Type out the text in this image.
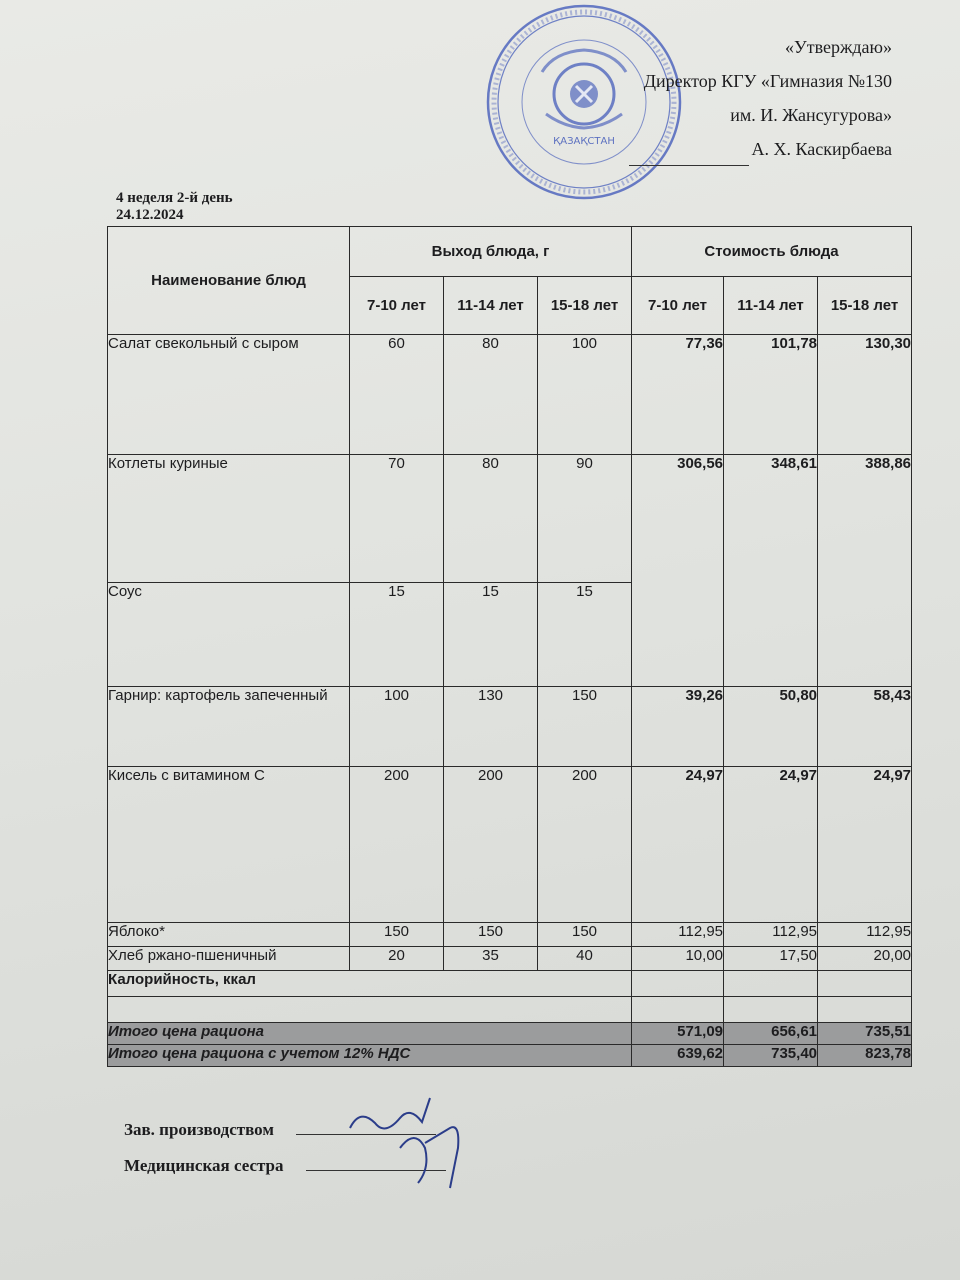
ҚАЗАҚСТАН
«Утверждаю»
Директор КГУ «Гимназия №130
им. И. Жансугурова»
А. Х. Каскирбаева
4 неделя 2-й день
24.12.2024
Наименование блюд	Выход блюда, г			Стоимость блюда		
	7-10 лет	11-14 лет	15-18 лет	7-10 лет	11-14 лет	15-18 лет
Салат свекольный с сыром	60	80	100	77,36	101,78	130,30
Котлеты куриные	70	80	90	306,56	348,61	388,86
Соус	15	15	15			
Гарнир: картофель запеченный	100	130	150	39,26	50,80	58,43
Кисель с витамином С	200	200	200	24,97	24,97	24,97
Яблоко*	150	150	150	112,95	112,95	112,95
Хлеб ржано-пшеничный	20	35	40	10,00	17,50	20,00
Калорийность, ккал						

Итого цена рациона				571,09	656,61	735,51
Итого цена рациона с учетом 12% НДС				639,62	735,40	823,78
Зав. производством
Медицинская сестра
